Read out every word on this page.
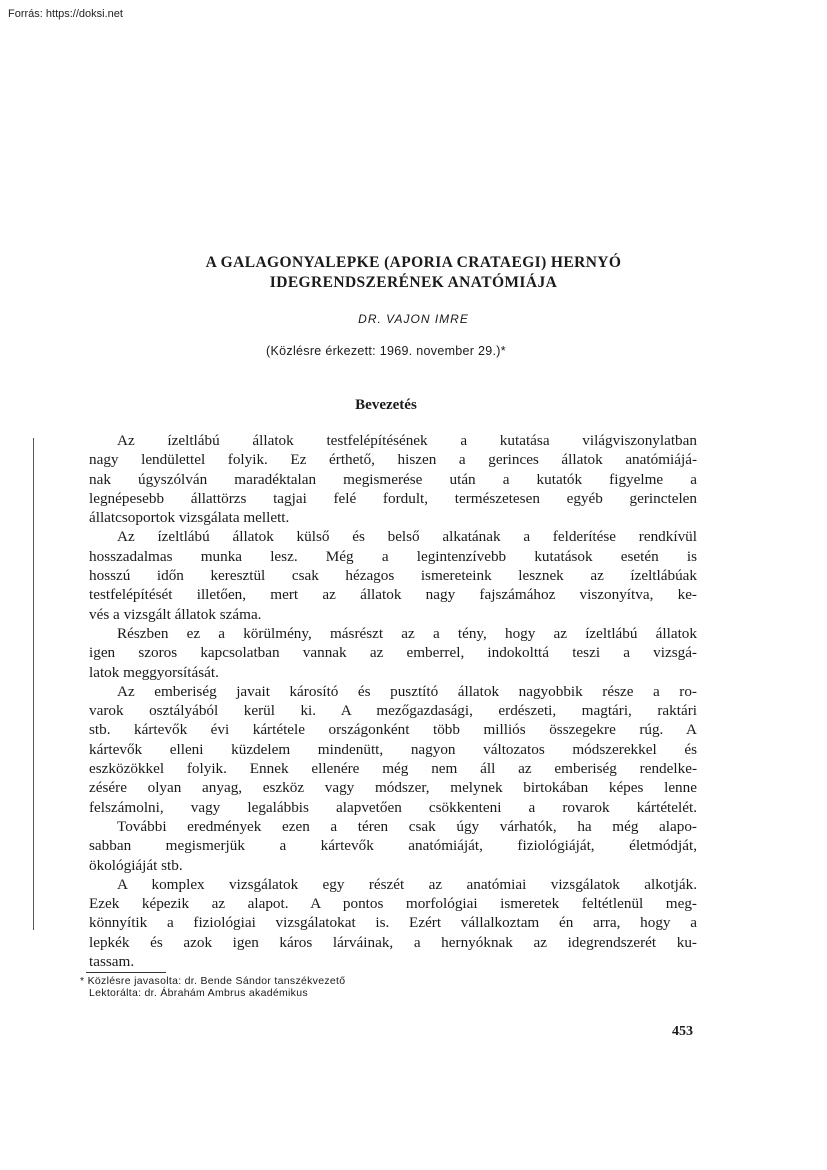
Forrás: https://doksi.net
A GALAGONYALEPKE (APORIA CRATAEGI) HERNYÓ
IDEGRENDSZERÉNEK ANATÓMIÁJA
DR. VAJON IMRE
(Közlésre érkezett: 1969. november 29.)*
Bevezetés
Az ízeltlábú állatok testfelépítésének a kutatása világviszonylatban
nagy lendülettel folyik. Ez érthető, hiszen a gerinces állatok anatómiájá-
nak úgyszólván maradéktalan megismerése után a kutatók figyelme a
legnépesebb állattörzs tagjai felé fordult, természetesen egyéb gerinctelen
állatcsoportok vizsgálata mellett.
Az ízeltlábú állatok külső és belső alkatának a felderítése rendkívül
hosszadalmas munka lesz. Még a legintenzívebb kutatások esetén is
hosszú időn keresztül csak hézagos ismereteink lesznek az ízeltlábúak
testfelépítését illetően, mert az állatok nagy fajszámához viszonyítva, ke-
vés a vizsgált állatok száma.
Részben ez a körülmény, másrészt az a tény, hogy az ízeltlábú állatok
igen szoros kapcsolatban vannak az emberrel, indokolttá teszi a vizsgá-
latok meggyorsítását.
Az emberiség javait károsító és pusztító állatok nagyobbik része a ro-
varok osztályából kerül ki. A mezőgazdasági, erdészeti, magtári, raktári
stb. kártevők évi kártétele országonként több milliós összegekre rúg. A
kártevők elleni küzdelem mindenütt, nagyon változatos módszerekkel és
eszközökkel folyik. Ennek ellenére még nem áll az emberiség rendelke-
zésére olyan anyag, eszköz vagy módszer, melynek birtokában képes lenne
felszámolni, vagy legalábbis alapvetően csökkenteni a rovarok kártételét.
További eredmények ezen a téren csak úgy várhatók, ha még alapo-
sabban megismerjük a kártevők anatómiáját, fiziológiáját, életmódját,
ökológiáját stb.
A komplex vizsgálatok egy részét az anatómiai vizsgálatok alkotják.
Ezek képezik az alapot. A pontos morfológiai ismeretek feltétlenül meg-
könnyítik a fiziológiai vizsgálatokat is. Ezért vállalkoztam én arra, hogy a
lepkék és azok igen káros lárváinak, a hernyóknak az idegrendszerét ku-
tassam.
* Közlésre javasolta: dr. Bende Sándor tanszékvezető
Lektorálta: dr. Ábrahám Ambrus akadémikus
453
